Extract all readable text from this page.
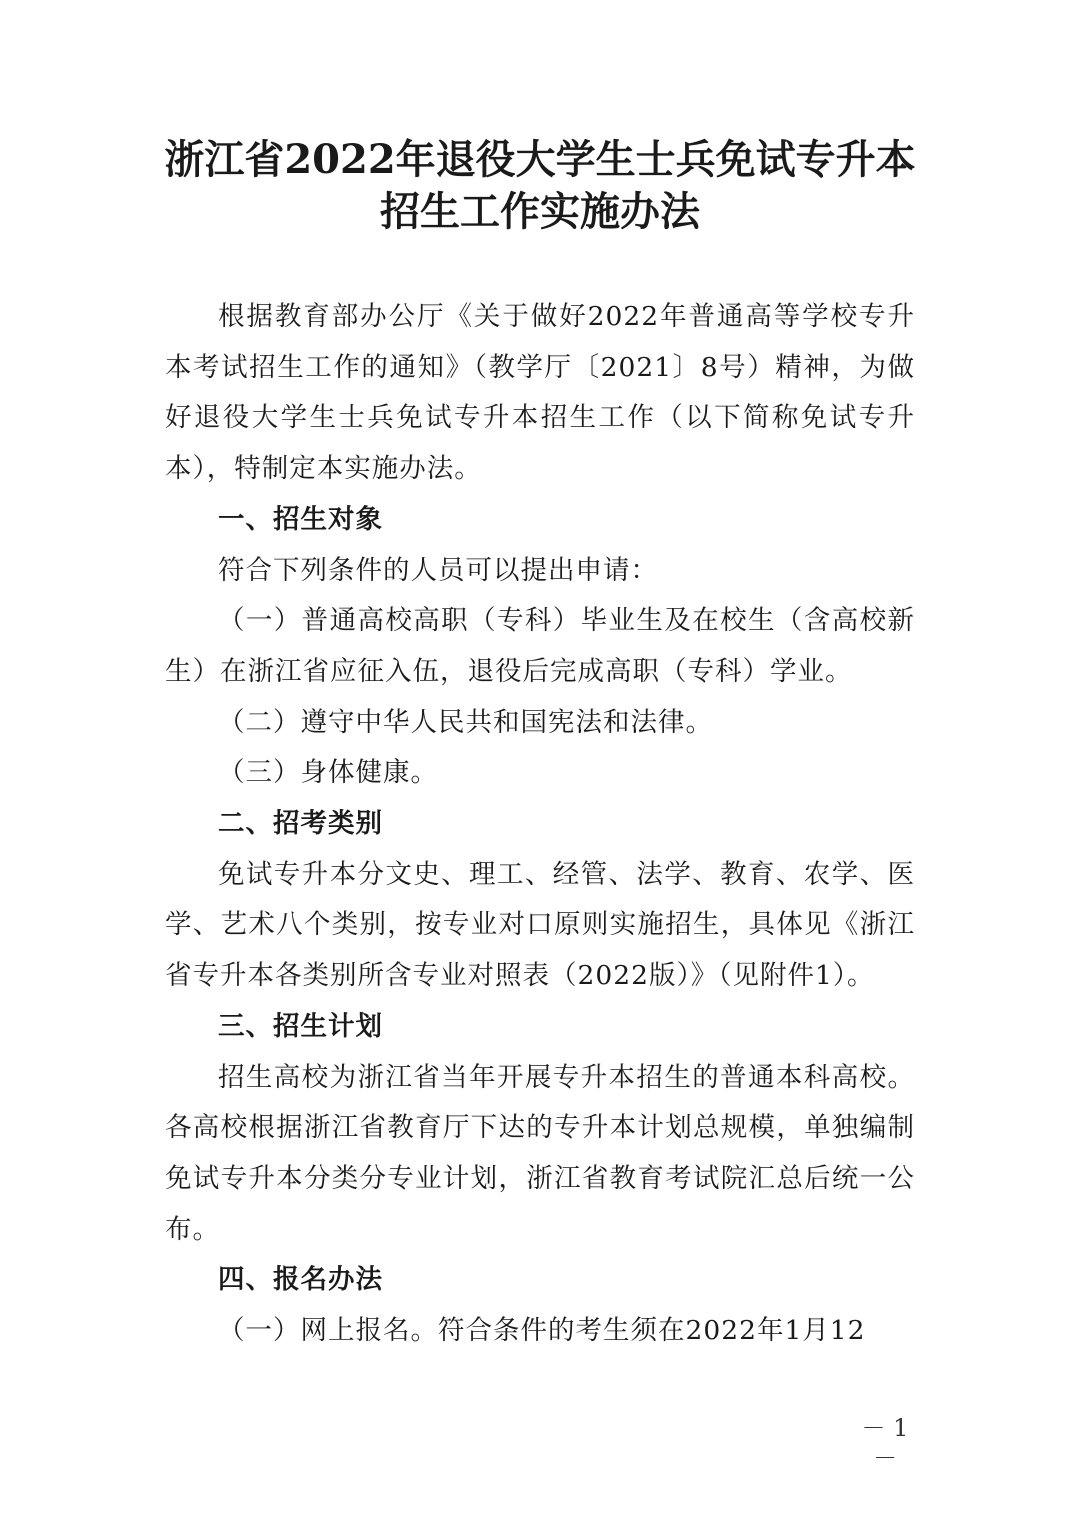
浙江省2022年退役大学生士兵免试专升本
招生工作实施办法

根据教育部办公厅《关于做好2022年普通高等学校专升本考试招生工作的通知》（教学厅〔2021〕8号）精神，为做好退役大学生士兵免试专升本招生工作（以下简称免试专升本），特制定本实施办法。

一、招生对象

符合下列条件的人员可以提出申请：

（一）普通高校高职（专科）毕业生及在校生（含高校新生）在浙江省应征入伍，退役后完成高职（专科）学业。

（二）遵守中华人民共和国宪法和法律。

（三）身体健康。

二、招考类别

免试专升本分文史、理工、经管、法学、教育、农学、医学、艺术八个类别，按专业对口原则实施招生，具体见《浙江省专升本各类别所含专业对照表（2022版）》（见附件1）。

三、招生计划

招生高校为浙江省当年开展专升本招生的普通本科高校。各高校根据浙江省教育厅下达的专升本计划总规模，单独编制免试专升本分类分专业计划，浙江省教育考试院汇总后统一公布。

四、报名办法

（一）网上报名。符合条件的考生须在2022年1月12

－ 1 －
